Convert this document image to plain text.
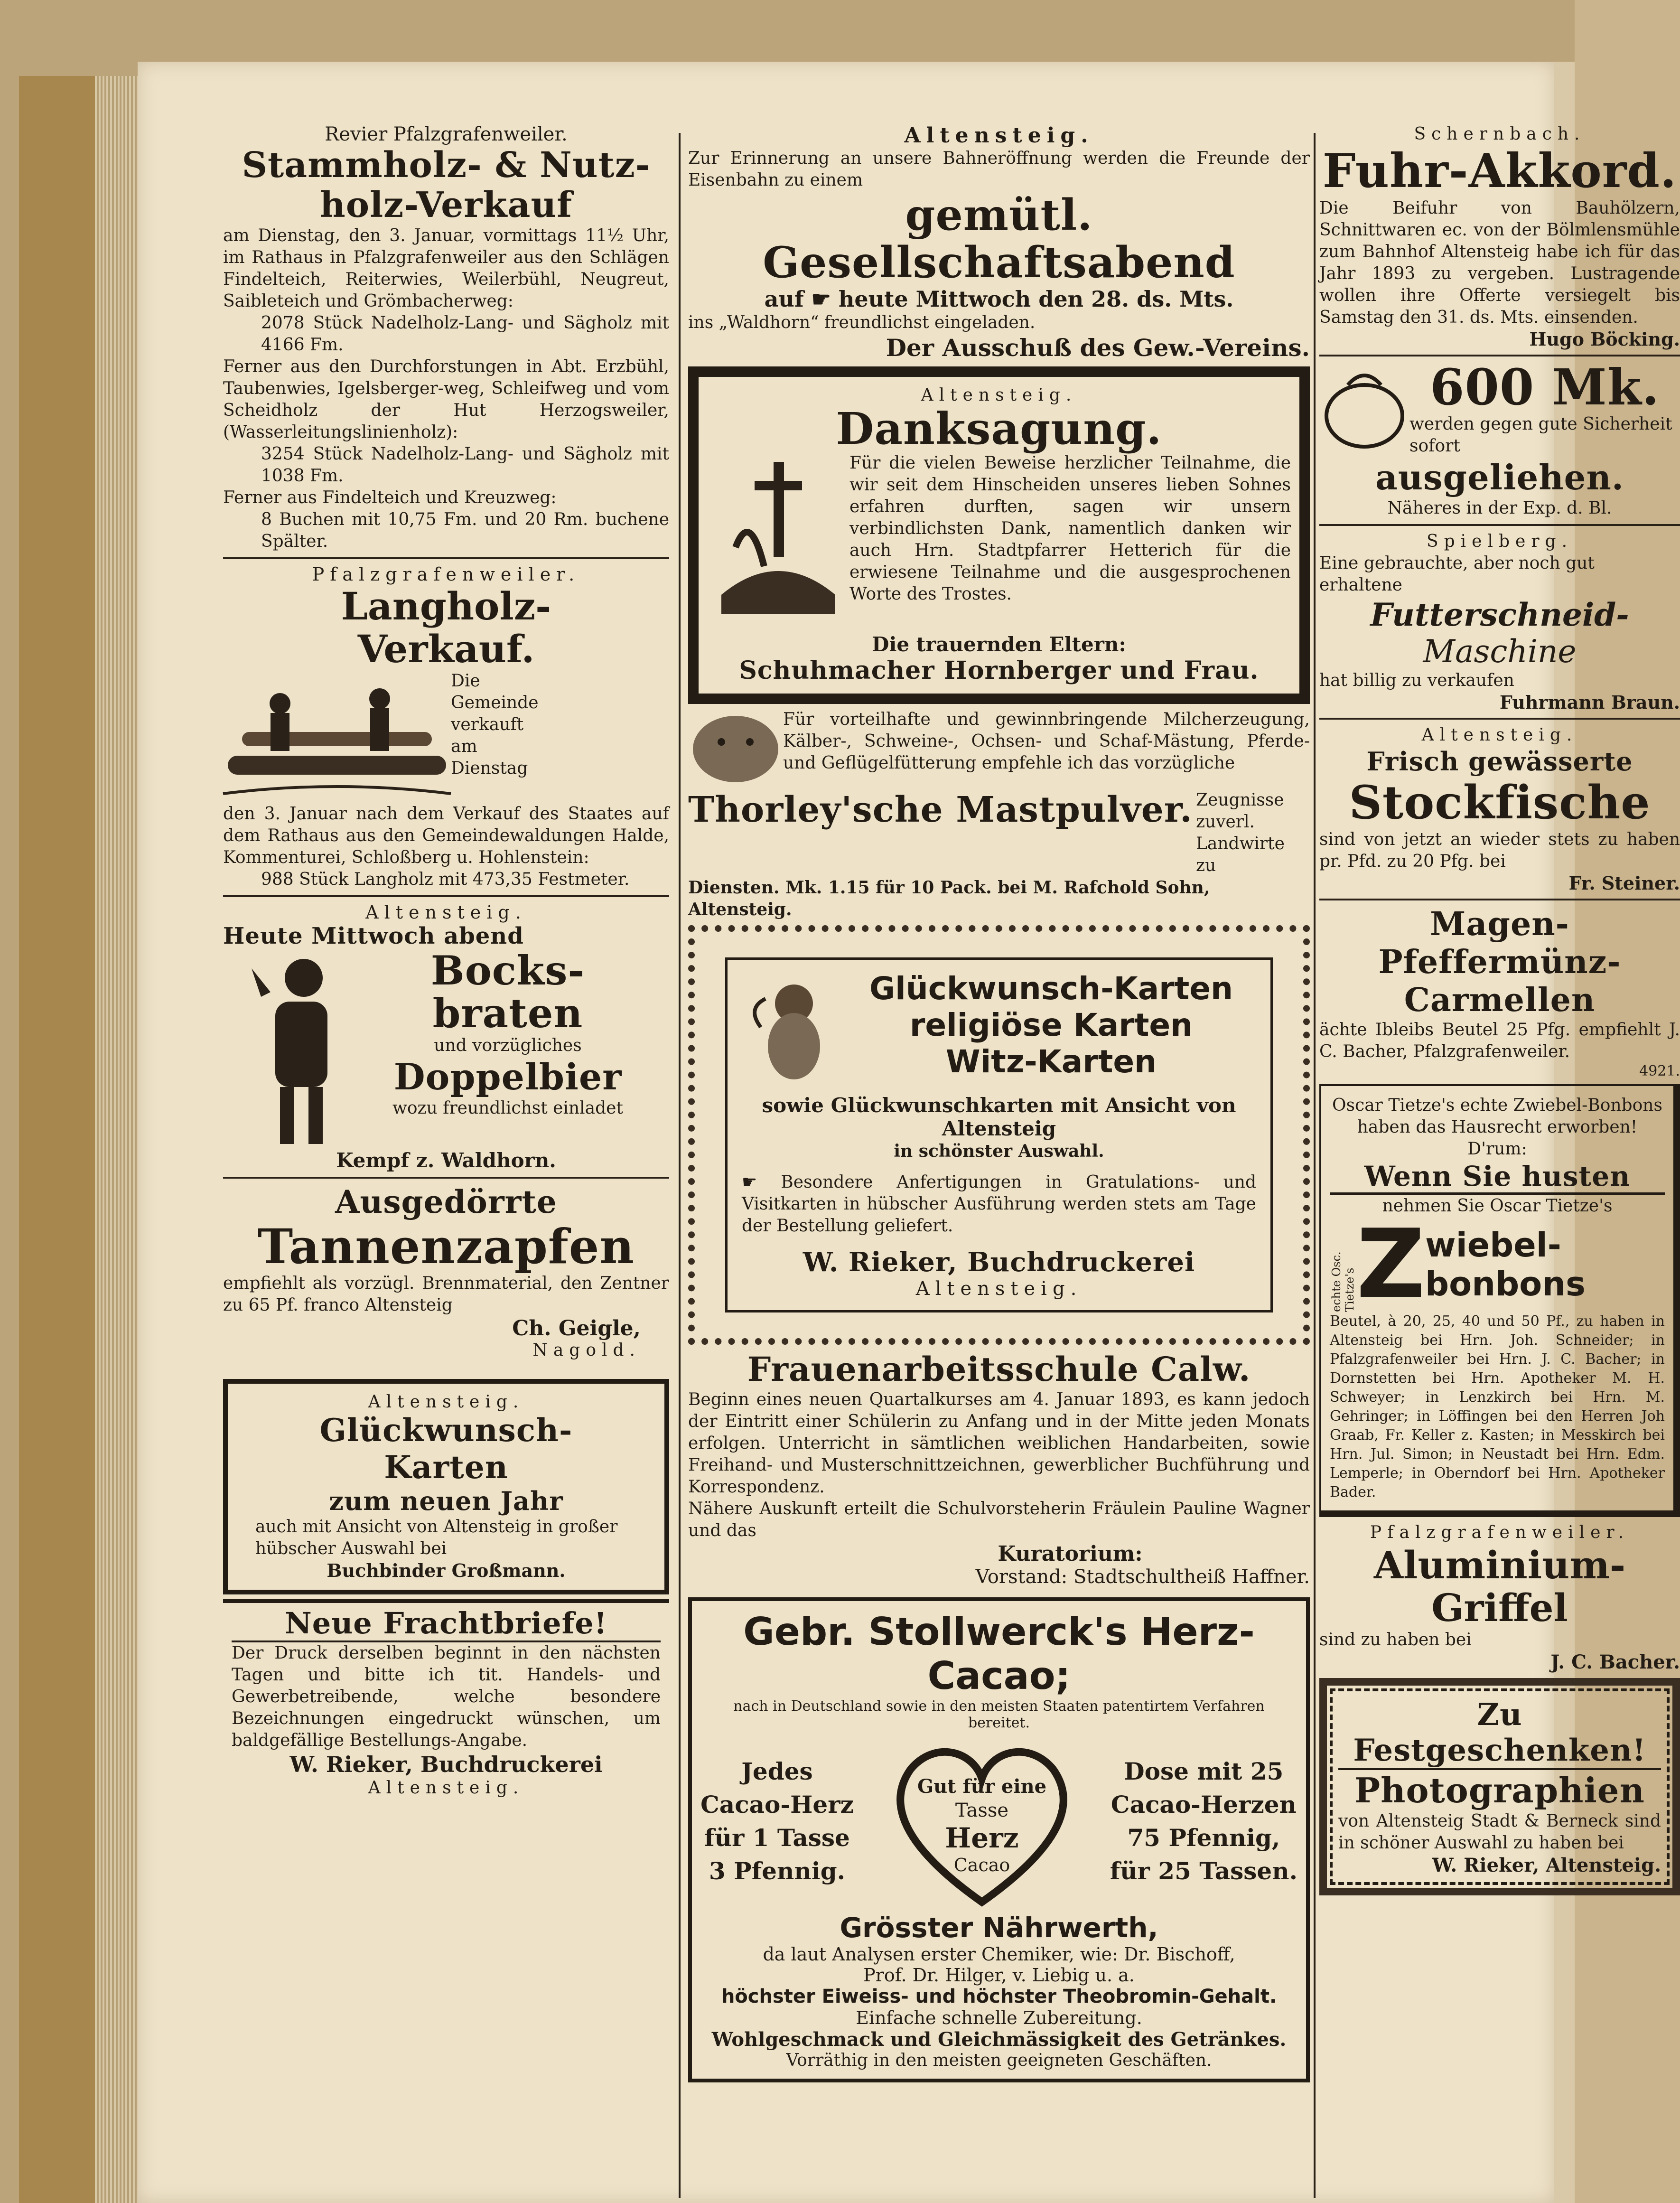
Revier Pfalzgrafenweiler.
Stammholz- & Nutz-
holz-Verkauf
am Dienstag, den 3. Januar, vormittags 11½ Uhr, im Rathaus in Pfalzgrafenweiler aus den Schlägen Findelteich, Reiterwies, Weilerbühl, Neugreut, Saibleteich und Grömbacherweg:
2078 Stück Nadelholz-Lang- und Sägholz mit 4166 Fm.
Ferner aus den Durchforstungen in Abt. Erzbühl, Taubenwies, Igelsberger-weg, Schleifweg und vom Scheidholz der Hut Herzogsweiler, (Wasserleitungslinienholz):
3254 Stück Nadelholz-Lang- und Sägholz mit 1038 Fm.
Ferner aus Findelteich und Kreuzweg:
8 Buchen mit 10,75 Fm. und 20 Rm. buchene Spälter.
Pfalzgrafenweiler.
Langholz-
Verkauf.
Die Gemeinde verkauft am Dienstag
den 3. Januar nach dem Verkauf des Staates auf dem Rathaus aus den Gemeindewaldungen Halde, Kommenturei, Schloßberg u. Hohlenstein:
988 Stück Langholz mit 473,35 Festmeter.
Altensteig.
Heute Mittwoch abend
Bocks-
braten
und vorzügliches
Doppelbier
wozu freundlichst einladet
Kempf z. Waldhorn.
Ausgedörrte
Tannenzapfen
empfiehlt als vorzügl. Brennmaterial, den Zentner zu 65 Pf. franco Altensteig
Ch. Geigle,
Nagold.
Altensteig.
Glückwunsch-
Karten
zum neuen Jahr
auch mit Ansicht von Altensteig in großer hübscher Auswahl bei
Buchbinder Großmann.
Neue Frachtbriefe!
Der Druck derselben beginnt in den nächsten Tagen und bitte ich tit. Handels- und Gewerbetreibende, welche besondere Bezeichnungen eingedruckt wünschen, um baldgefällige Bestellungs-Angabe.
W. Rieker, Buchdruckerei
Altensteig.
Altensteig.
Zur Erinnerung an unsere Bahneröffnung werden die Freunde der Eisenbahn zu einem
gemütl. Gesellschaftsabend
auf ☛ heute Mittwoch den 28. ds. Mts.
ins „Waldhorn“ freundlichst eingeladen.
Der Ausschuß des Gew.-Vereins.
Altensteig.
Danksagung.
Für die vielen Beweise herzlicher Teilnahme, die wir seit dem Hinscheiden unseres lieben Sohnes erfahren durften, sagen wir unsern verbindlichsten Dank, namentlich danken wir auch Hrn. Stadtpfarrer Hetterich für die erwiesene Teilnahme und die ausgesprochenen Worte des Trostes.
Die trauernden Eltern:
Schuhmacher Hornberger und Frau.
Für vorteilhafte und gewinnbringende Milcherzeugung, Kälber-, Schweine-, Ochsen- und Schaf-Mästung, Pferde- und Geflügelfütterung empfehle ich das vorzügliche
Thorley'sche Mastpulver. Zeugnisse zuverl. Landwirte zu
Diensten. Mk. 1.15 für 10 Pack. bei M. Rafchold Sohn, Altensteig.
Glückwunsch-Karten
religiöse Karten
Witz-Karten
sowie Glückwunschkarten mit Ansicht von Altensteig
in schönster Auswahl.
☛ Besondere Anfertigungen in Gratulations- und Visitkarten in hübscher Ausführung werden stets am Tage der Bestellung geliefert.
W. Rieker, Buchdruckerei
Altensteig.
Frauenarbeitsschule Calw.
Beginn eines neuen Quartalkurses am 4. Januar 1893, es kann jedoch der Eintritt einer Schülerin zu Anfang und in der Mitte jeden Monats erfolgen. Unterricht in sämtlichen weiblichen Handarbeiten, sowie Freihand- und Musterschnittzeichnen, gewerblicher Buchführung und Korrespondenz.
Nähere Auskunft erteilt die Schulvorsteherin Fräulein Pauline Wagner und das
Kuratorium:
Vorstand: Stadtschultheiß Haffner.
Gebr. Stollwerck's Herz-Cacao;
nach in Deutschland sowie in den meisten Staaten patentirtem Verfahren bereitet.
Jedes
Cacao-Herz
für 1 Tasse
3 Pfennig.
Gut für eine
Tasse
Herz
Cacao
Dose mit 25
Cacao-Herzen
75 Pfennig,
für 25 Tassen.
Grösster Nährwerth,
da laut Analysen erster Chemiker, wie: Dr. Bischoff,
Prof. Dr. Hilger, v. Liebig u. a.
höchster Eiweiss- und höchster Theobromin-Gehalt.
Einfache schnelle Zubereitung.
Wohlgeschmack und Gleichmässigkeit des Getränkes.
Vorräthig in den meisten geeigneten Geschäften.
Schernbach.
Fuhr-Akkord.
Die Beifuhr von Bauhölzern, Schnittwaren ec. von der Bölmlensmühle zum Bahnhof Altensteig habe ich für das Jahr 1893 zu vergeben. Lustragende wollen ihre Offerte versiegelt bis Samstag den 31. ds. Mts. einsenden.
Hugo Böcking.
600 Mk.
werden gegen gute Sicherheit sofort
ausgeliehen.
Näheres in der Exp. d. Bl.
Spielberg.
Eine gebrauchte, aber noch gut erhaltene
Futterschneid-
Maschine
hat billig zu verkaufen
Fuhrmann Braun.
Altensteig.
Frisch gewässerte
Stockfische
sind von jetzt an wieder stets zu haben pr. Pfd. zu 20 Pfg. bei
Fr. Steiner.
Magen-Pfeffermünz-
Carmellen
ächte Ibleibs Beutel 25 Pfg. empfiehlt J. C. Bacher, Pfalzgrafenweiler.
4921.
Oscar Tietze's echte Zwiebel-Bonbons haben das Hausrecht erworben! D'rum:
Wenn Sie husten
nehmen Sie Oscar Tietze's
echte Osc. Tietze's Z wiebel-
bonbons
Beutel, à 20, 25, 40 und 50 Pf., zu haben in Altensteig bei Hrn. Joh. Schneider; in Pfalzgrafenweiler bei Hrn. J. C. Bacher; in Dornstetten bei Hrn. Apotheker M. H. Schweyer; in Lenzkirch bei Hrn. M. Gehringer; in Löffingen bei den Herren Joh Graab, Fr. Keller z. Kasten; in Messkirch bei Hrn. Jul. Simon; in Neustadt bei Hrn. Edm. Lemperle; in Oberndorf bei Hrn. Apotheker Bader.
Pfalzgrafenweiler.
Aluminium-
Griffel
sind zu haben bei
J. C. Bacher.
Zu Festgeschenken!
Photographien
von Altensteig Stadt & Berneck sind in schöner Auswahl zu haben bei
W. Rieker, Altensteig.
